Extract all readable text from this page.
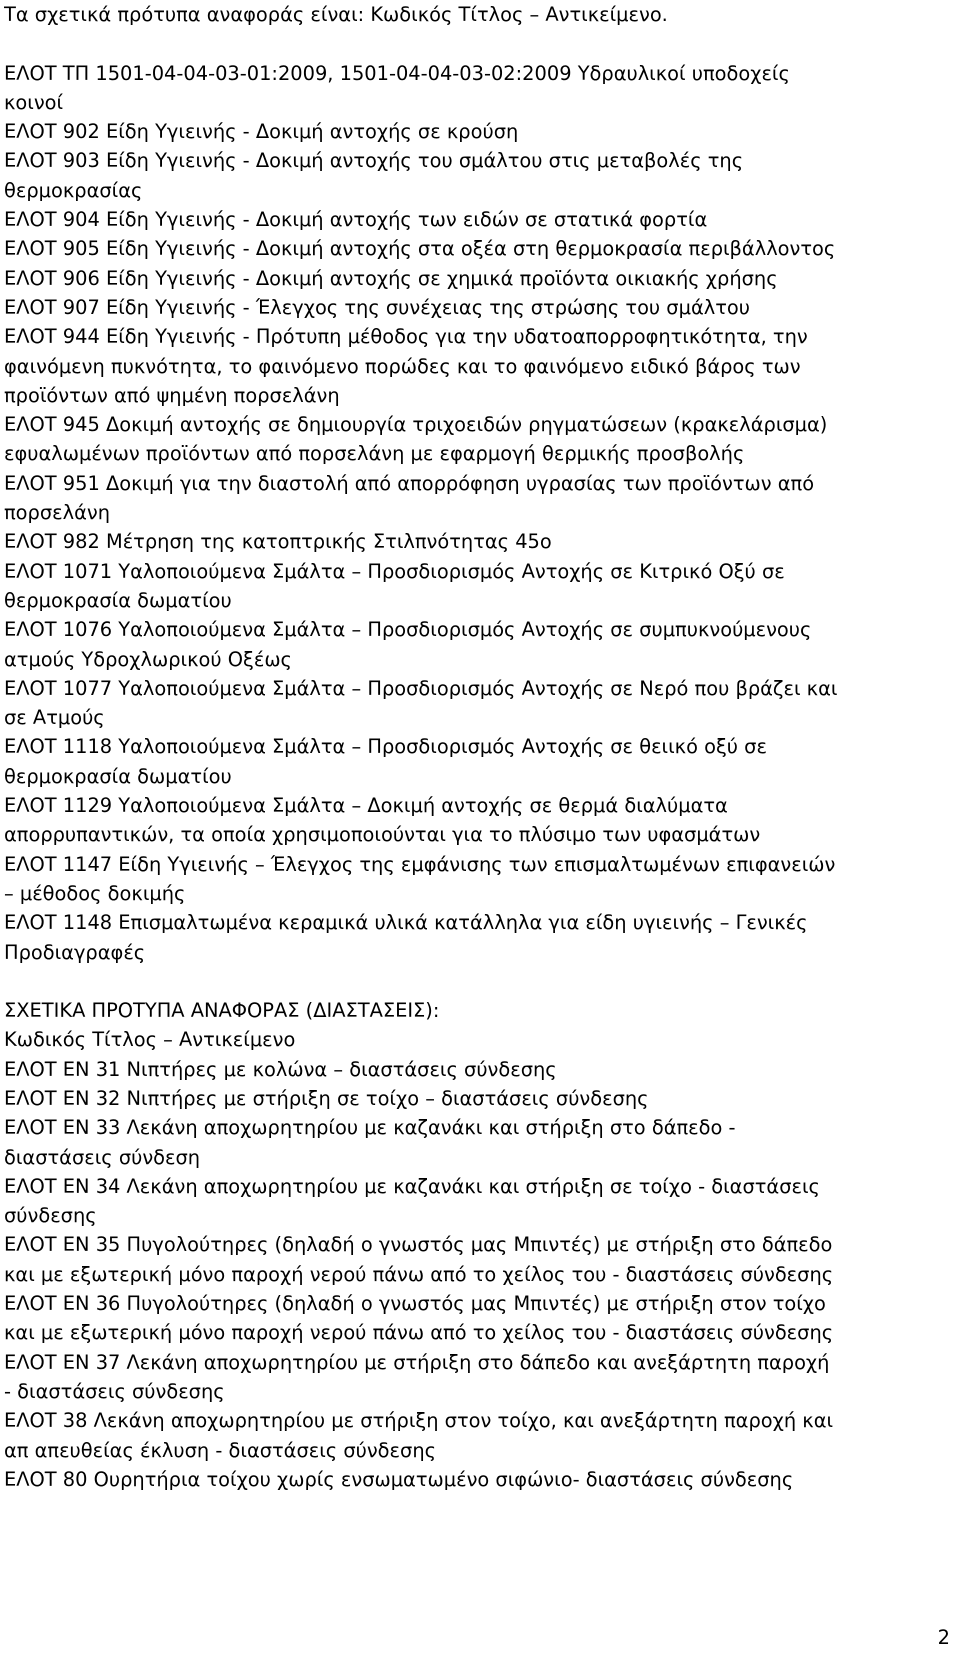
Τα σχετικά πρότυπα αναφοράς είναι: Κωδικός Τίτλος – Αντικείμενο.
ΕΛΟΤ ΤΠ 1501-04-04-03-01:2009, 1501-04-04-03-02:2009 Υδραυλικοί υποδοχείς
κοινοί
ΕΛΟΤ 902 Είδη Υγιεινής - Δοκιμή αντοχής σε κρούση
ΕΛΟΤ 903 Είδη Υγιεινής - Δοκιμή αντοχής του σμάλτου στις μεταβολές της
θερμοκρασίας
ΕΛΟΤ 904 Είδη Υγιεινής - Δοκιμή αντοχής των ειδών σε στατικά φορτία
ΕΛΟΤ 905 Είδη Υγιεινής - Δοκιμή αντοχής στα οξέα στη θερμοκρασία περιβάλλοντος
ΕΛΟΤ 906 Είδη Υγιεινής - Δοκιμή αντοχής σε χημικά προϊόντα οικιακής χρήσης
ΕΛΟΤ 907 Είδη Υγιεινής - Έλεγχος της συνέχειας της στρώσης του σμάλτου
ΕΛΟΤ 944 Είδη Υγιεινής - Πρότυπη μέθοδος για την υδατοαπορροφητικότητα, την
φαινόμενη πυκνότητα, το φαινόμενο πορώδες και το φαινόμενο ειδικό βάρος των
προϊόντων από ψημένη πορσελάνη
ΕΛΟΤ 945 Δοκιμή αντοχής σε δημιουργία τριχοειδών ρηγματώσεων (κρακελάρισμα)
εφυαλωμένων προϊόντων από πορσελάνη με εφαρμογή θερμικής προσβολής
ΕΛΟΤ 951 Δοκιμή για την διαστολή από απορρόφηση υγρασίας των προϊόντων από
πορσελάνη
ΕΛΟΤ 982 Μέτρηση της κατοπτρικής Στιλπνότητας 45ο
ΕΛΟΤ 1071 Υαλοποιούμενα Σμάλτα – Προσδιορισμός Αντοχής σε Κιτρικό Οξύ σε
θερμοκρασία δωματίου
ΕΛΟΤ 1076 Υαλοποιούμενα Σμάλτα – Προσδιορισμός Αντοχής σε συμπυκνούμενους
ατμούς Υδροχλωρικού Οξέως
ΕΛΟΤ 1077 Υαλοποιούμενα Σμάλτα – Προσδιορισμός Αντοχής σε Νερό που βράζει και
σε Ατμούς
ΕΛΟΤ 1118 Υαλοποιούμενα Σμάλτα – Προσδιορισμός Αντοχής σε θειικό οξύ σε
θερμοκρασία δωματίου
ΕΛΟΤ 1129 Υαλοποιούμενα Σμάλτα – Δοκιμή αντοχής σε θερμά διαλύματα
απορρυπαντικών, τα οποία χρησιμοποιούνται για το πλύσιμο των υφασμάτων
ΕΛΟΤ 1147 Είδη Υγιεινής – Έλεγχος της εμφάνισης των επισμαλτωμένων επιφανειών
– μέθοδος δοκιμής
ΕΛΟΤ 1148 Επισμαλτωμένα κεραμικά υλικά κατάλληλα για είδη υγιεινής – Γενικές
Προδιαγραφές
ΣΧΕΤΙΚΑ ΠΡΟΤΥΠΑ ΑΝΑΦΟΡΑΣ (ΔΙΑΣΤΑΣΕΙΣ):
Κωδικός Τίτλος – Αντικείμενο
ΕΛΟΤ ΕΝ 31 Νιπτήρες με κολώνα – διαστάσεις σύνδεσης
ΕΛΟΤ ΕΝ 32 Νιπτήρες με στήριξη σε τοίχο – διαστάσεις σύνδεσης
ΕΛΟΤ ΕΝ 33 Λεκάνη αποχωρητηρίου με καζανάκι και στήριξη στο δάπεδο -
διαστάσεις σύνδεση
ΕΛΟΤ ΕΝ 34 Λεκάνη αποχωρητηρίου με καζανάκι και στήριξη σε τοίχο - διαστάσεις
σύνδεσης
ΕΛΟΤ ΕΝ 35 Πυγολούτηρες (δηλαδή ο γνωστός μας Μπιντές) με στήριξη στο δάπεδο
και με εξωτερική μόνο παροχή νερού πάνω από το χείλος του - διαστάσεις σύνδεσης
ΕΛΟΤ ΕΝ 36 Πυγολούτηρες (δηλαδή ο γνωστός μας Μπιντές) με στήριξη στον τοίχο
και με εξωτερική μόνο παροχή νερού πάνω από το χείλος του - διαστάσεις σύνδεσης
ΕΛΟΤ ΕΝ 37 Λεκάνη αποχωρητηρίου με στήριξη στο δάπεδο και ανεξάρτητη παροχή
- διαστάσεις σύνδεσης
ΕΛΟΤ 38 Λεκάνη αποχωρητηρίου με στήριξη στον τοίχο, και ανεξάρτητη παροχή και
απ απευθείας έκλυση - διαστάσεις σύνδεσης
ΕΛΟΤ 80 Ουρητήρια τοίχου χωρίς ενσωματωμένο σιφώνιο- διαστάσεις σύνδεσης
2
